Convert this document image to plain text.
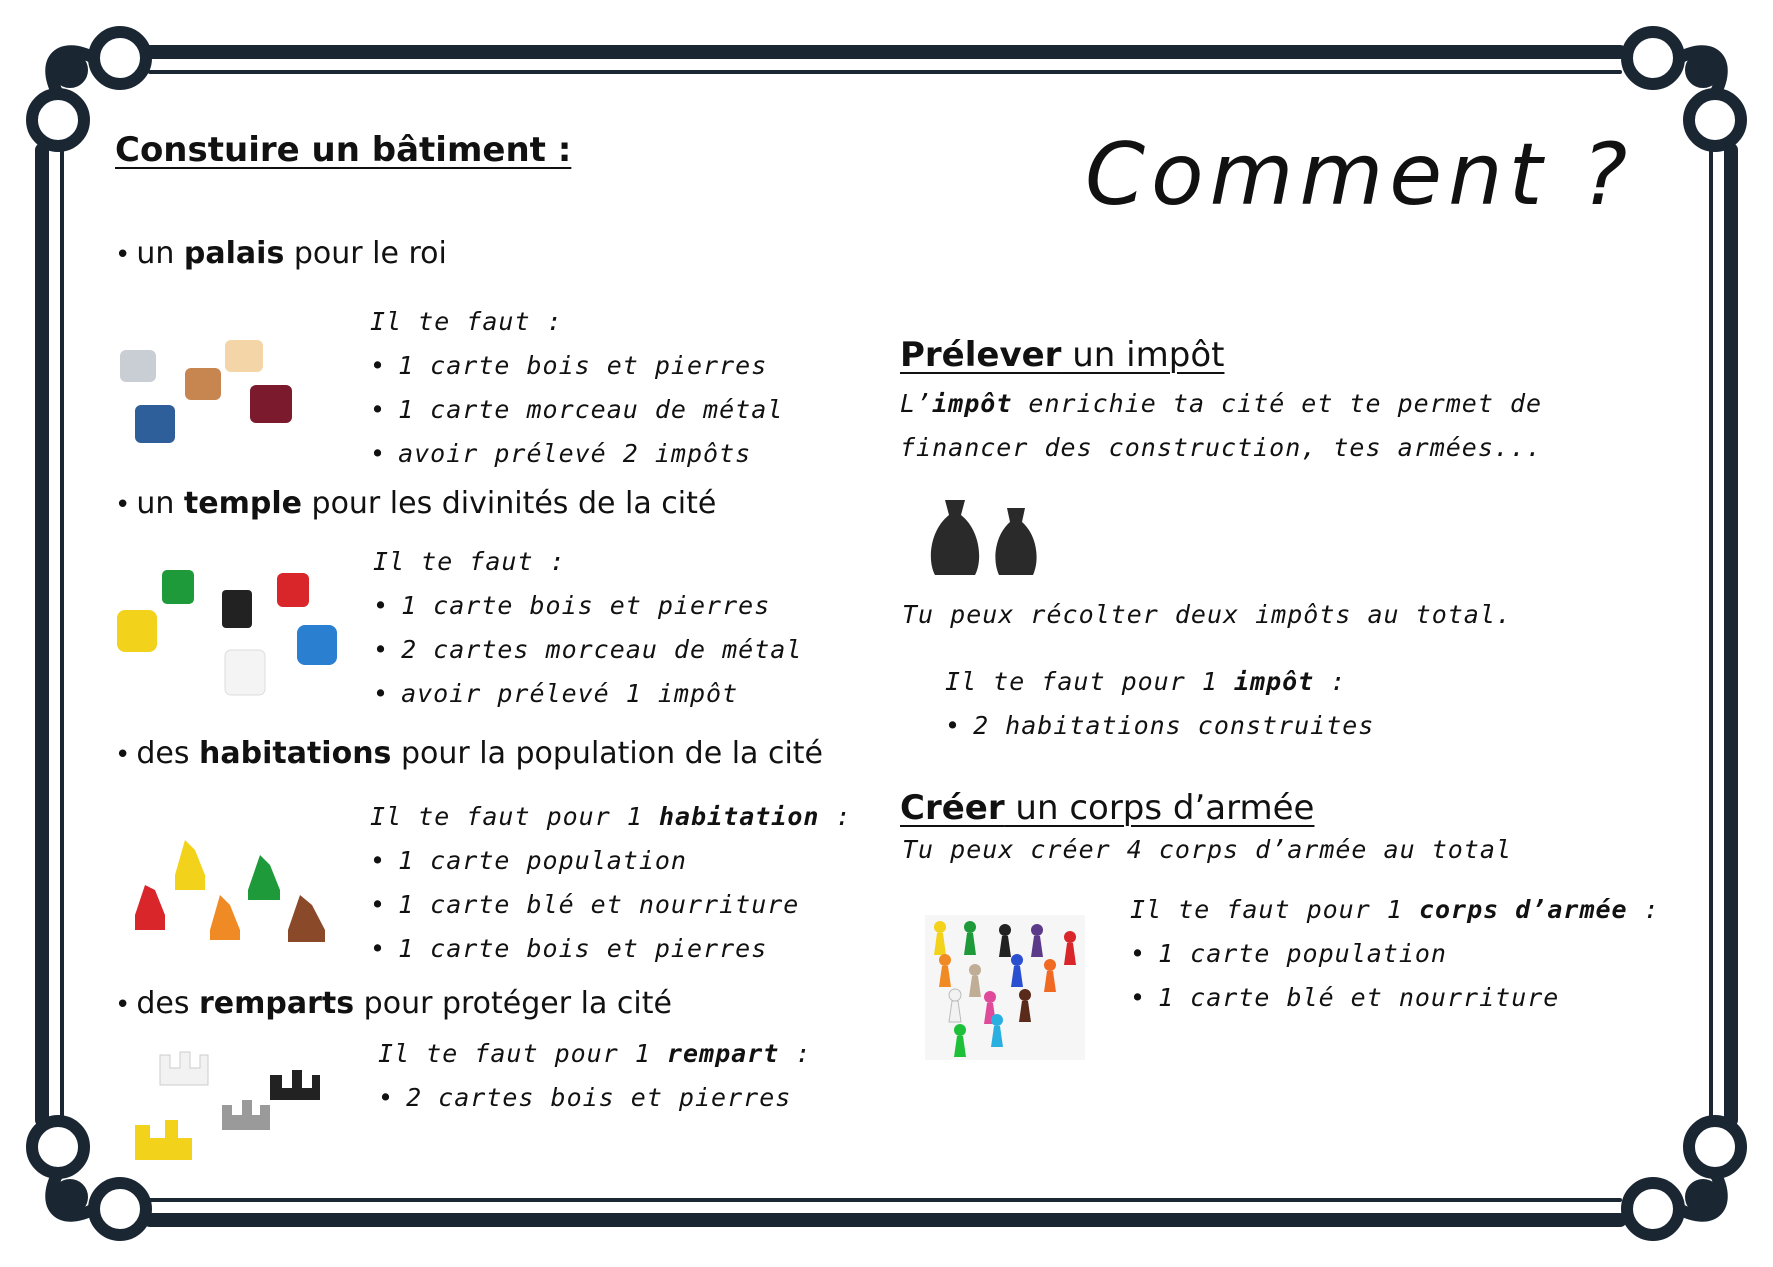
Comment ?
Constuire un bâtiment :
• un palais pour le roi
Il te faut :
• 1 carte bois et pierres
• 1 carte morceau de métal
• avoir prélevé 2 impôts
• un temple pour les divinités de la cité
Il te faut :
• 1 carte bois et pierres
• 2 cartes morceau de métal
• avoir prélevé 1 impôt
• des habitations pour la population de la cité
Il te faut pour 1 habitation :
• 1 carte population
• 1 carte blé et nourriture
• 1 carte bois et pierres
• des remparts pour protéger la cité
Il te faut pour 1 rempart :
• 2 cartes bois et pierres
Prélever un impôt
L’impôt enrichie ta cité et te permet de financer des construction, tes armées...
Tu peux récolter deux impôts au total.
Il te faut pour 1 impôt :
• 2 habitations construites
Créer un corps d’armée
Tu peux créer 4 corps d’armée au total
Il te faut pour 1 corps d’armée :
• 1 carte population
• 1 carte blé et nourriture
